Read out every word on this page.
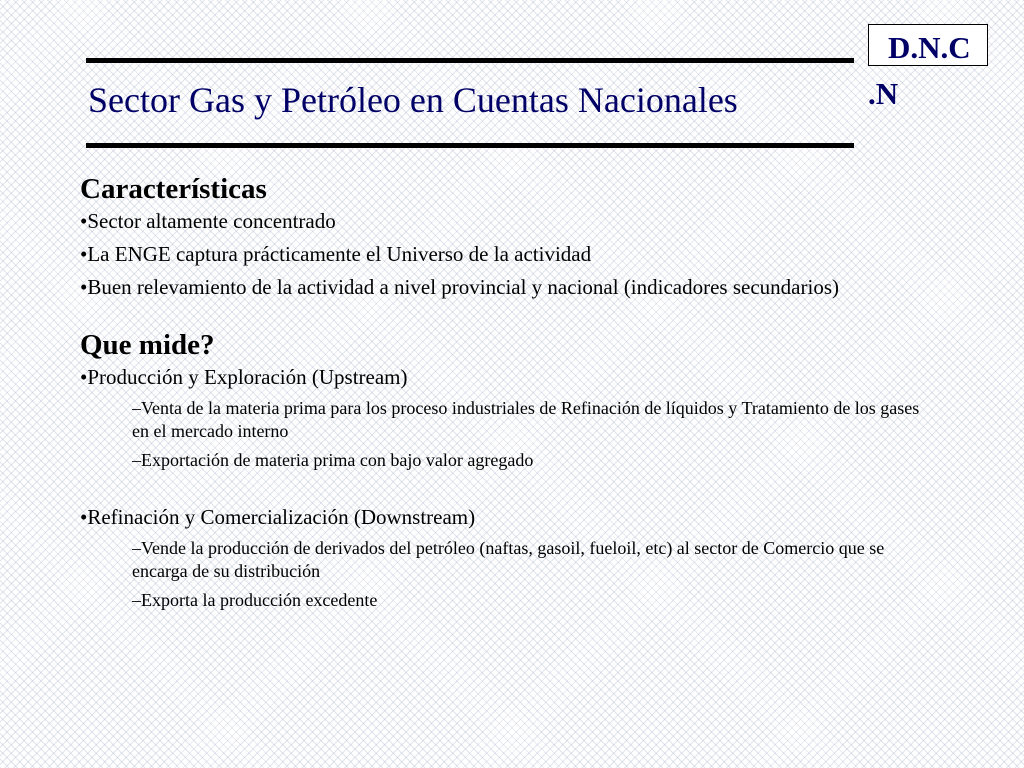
Sector Gas y Petróleo en Cuentas Nacionales
D.N.C
.N

Características

•Sector altamente concentrado

•La ENGE captura prácticamente el Universo de la actividad

•Buen relevamiento de la actividad a nivel provincial y nacional (indicadores secundarios)

Que mide?

•Producción y Exploración (Upstream)

–Venta de la materia prima para los proceso industriales de Refinación de líquidos y Tratamiento de los gases en el mercado interno

–Exportación de materia prima con bajo valor agregado

•Refinación y Comercialización (Downstream)

–Vende la producción de derivados del petróleo (naftas, gasoil, fueloil, etc) al sector de Comercio que se encarga de su distribución

–Exporta la producción excedente
